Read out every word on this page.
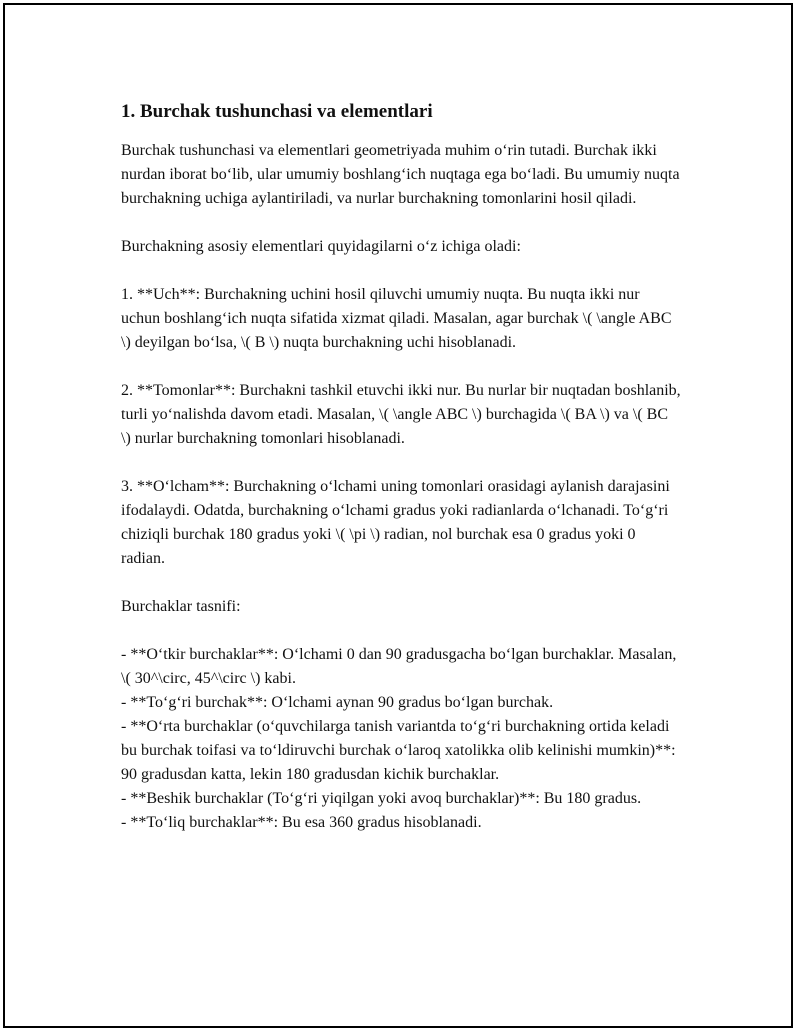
1. Burchak tushunchasi va elementlari

Burchak tushunchasi va elementlari geometriyada muhim oʻrin tutadi. Burchak ikki nurdan iborat boʻlib, ular umumiy boshlangʻich nuqtaga ega boʻladi. Bu umumiy nuqta burchakning uchiga aylantiriladi, va nurlar burchakning tomonlarini hosil qiladi.

Burchakning asosiy elementlari quyidagilarni oʻz ichiga oladi:

1. **Uch**: Burchakning uchini hosil qiluvchi umumiy nuqta. Bu nuqta ikki nur uchun boshlangʻich nuqta sifatida xizmat qiladi. Masalan, agar burchak \( \angle ABC \) deyilgan boʻlsa, \( B \) nuqta burchakning uchi hisoblanadi.

2. **Tomonlar**: Burchakni tashkil etuvchi ikki nur. Bu nurlar bir nuqtadan boshlanib, turli yoʻnalishda davom etadi. Masalan, \( \angle ABC \) burchagida \( BA \) va \( BC \) nurlar burchakning tomonlari hisoblanadi.

3. **Oʻlcham**: Burchakning oʻlchami uning tomonlari orasidagi aylanish darajasini ifodalaydi. Odatda, burchakning oʻlchami gradus yoki radianlarda oʻlchanadi. Toʻgʻri chiziqli burchak 180 gradus yoki \( \pi \) radian, nol burchak esa 0 gradus yoki 0 radian.

Burchaklar tasnifi:

- **Oʻtkir burchaklar**: Oʻlchami 0 dan 90 gradusgacha boʻlgan burchaklar. Masalan, \( 30^\circ, 45^\circ \) kabi.

- **Toʻgʻri burchak**: Oʻlchami aynan 90 gradus boʻlgan burchak.

- **Oʻrta burchaklar (oʻquvchilarga tanish variantda toʻgʻri burchakning ortida keladi bu burchak toifasi va toʻldiruvchi burchak oʻlaroq xatolikka olib kelinishi mumkin)**: 90 gradusdan katta, lekin 180 gradusdan kichik burchaklar.

- **Beshik burchaklar (Toʻgʻri yiqilgan yoki avoq burchaklar)**: Bu 180 gradus.

- **Toʻliq burchaklar**: Bu esa 360 gradus hisoblanadi.
